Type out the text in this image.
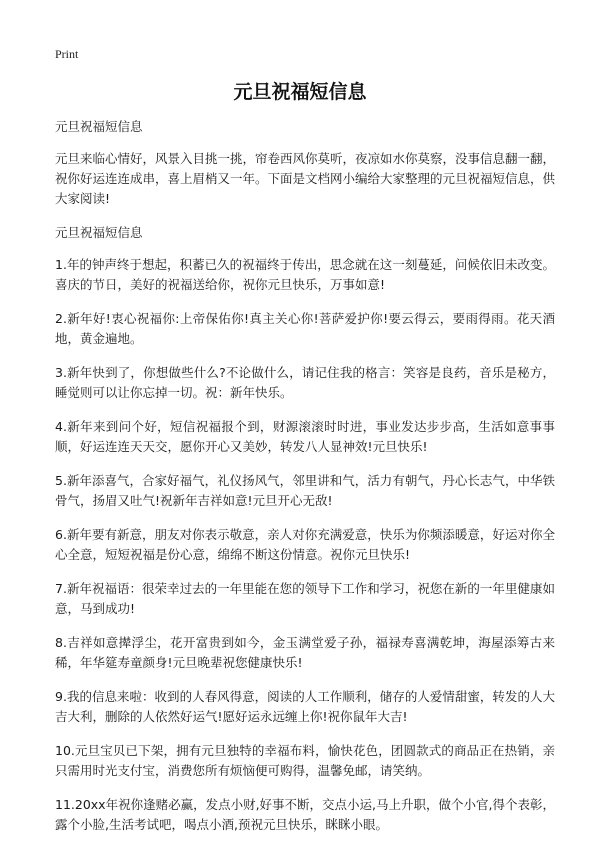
Print
元旦祝福短信息

元旦祝福短信息

元旦来临心情好，风景入目挑一挑，帘卷西风你莫听，夜凉如水你莫察，没事信息翻一翻，祝你好运连连成串，喜上眉梢又一年。下面是文档网小编给大家整理的元旦祝福短信息，供大家阅读!

元旦祝福短信息

1.年的钟声终于想起，积蓄已久的祝福终于传出，思念就在这一刻蔓延，问候依旧未改变。喜庆的节日，美好的祝福送给你，祝你元旦快乐，万事如意!

2.新年好!衷心祝福你:上帝保佑你!真主关心你!菩萨爱护你!要云得云，要雨得雨。花天酒地，黄金遍地。

3.新年快到了，你想做些什么?不论做什么，请记住我的格言：笑容是良药，音乐是秘方，睡觉则可以让你忘掉一切。祝：新年快乐。

4.新年来到问个好，短信祝福报个到，财源滚滚时时进，事业发达步步高，生活如意事事顺，好运连连天天交，愿你开心又美妙，转发八人显神效!元旦快乐!

5.新年添喜气，合家好福气，礼仪扬风气，邻里讲和气，活力有朝气，丹心长志气，中华铁骨气，扬眉又吐气!祝新年吉祥如意!元旦开心无敌!

6.新年要有新意，朋友对你表示敬意，亲人对你充满爱意，快乐为你频添暖意，好运对你全心全意，短短祝福是份心意，绵绵不断这份情意。祝你元旦快乐!

7.新年祝福语：很荣幸过去的一年里能在您的领导下工作和学习，祝您在新的一年里健康如意，马到成功!

8.吉祥如意撵浮尘，花开富贵到如今，金玉满堂爱子孙，福禄寿喜满乾坤，海屋添筹古来稀，年华筵寿童颜身!元旦晚辈祝您健康快乐!

9.我的信息来啦：收到的人春风得意，阅读的人工作顺利，储存的人爱情甜蜜，转发的人大吉大利，删除的人依然好运气!愿好运永远缠上你!祝你鼠年大吉!

10.元旦宝贝已下架，拥有元旦独特的幸福布料，愉快花色，团圆款式的商品正在热销，亲只需用时光支付宝，消费您所有烦恼便可购得，温馨免邮，请笑纳。

11.20xx年祝你逢赌必赢，发点小财,好事不断，交点小运,马上升职，做个小官,得个表彰，露个小脸,生活考试吧，喝点小酒,预祝元旦快乐，眯眯小眼。
